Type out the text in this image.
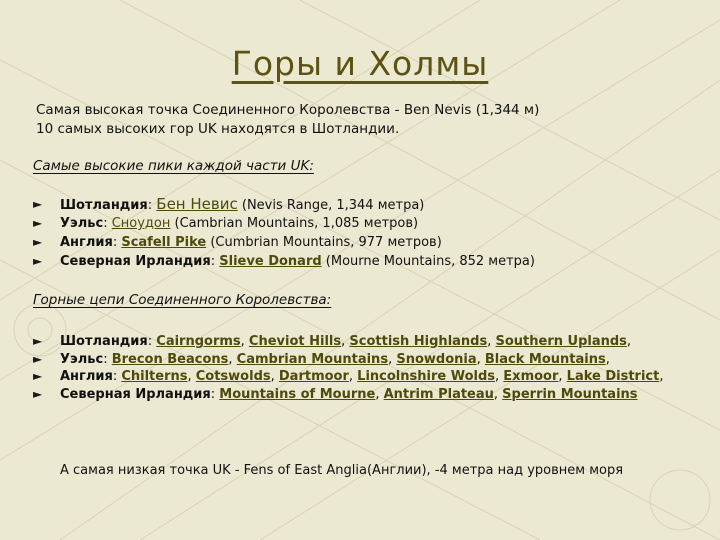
Горы и Холмы
Самая высокая точка Соединенного Королевства - Ben Nevis (1,344 м)
10 самых высоких гор UK находятся в Шотландии.
Самые высокие пики каждой части UK:
► Шотландия: Бен Невис (Nevis Range, 1,344 метра)
► Уэльс: Сноудон (Cambrian Mountains, 1,085 метров)
► Англия: Scafell Pike (Cumbrian Mountains, 977 метров)
► Северная Ирландия: Slieve Donard (Mourne Mountains, 852 метра)
Горные цепи Соединенного Королевства:
► Шотландия: Cairngorms, Cheviot Hills, Scottish Highlands, Southern Uplands,
► Уэльс: Brecon Beacons, Cambrian Mountains, Snowdonia, Black Mountains,
► Англия: Chilterns, Cotswolds, Dartmoor, Lincolnshire Wolds, Exmoor, Lake District,
► Северная Ирландия: Mountains of Mourne, Antrim Plateau, Sperrin Mountains
А самая низкая точка UK - Fens of East Anglia(Англии), -4 метра над уровнем моря
